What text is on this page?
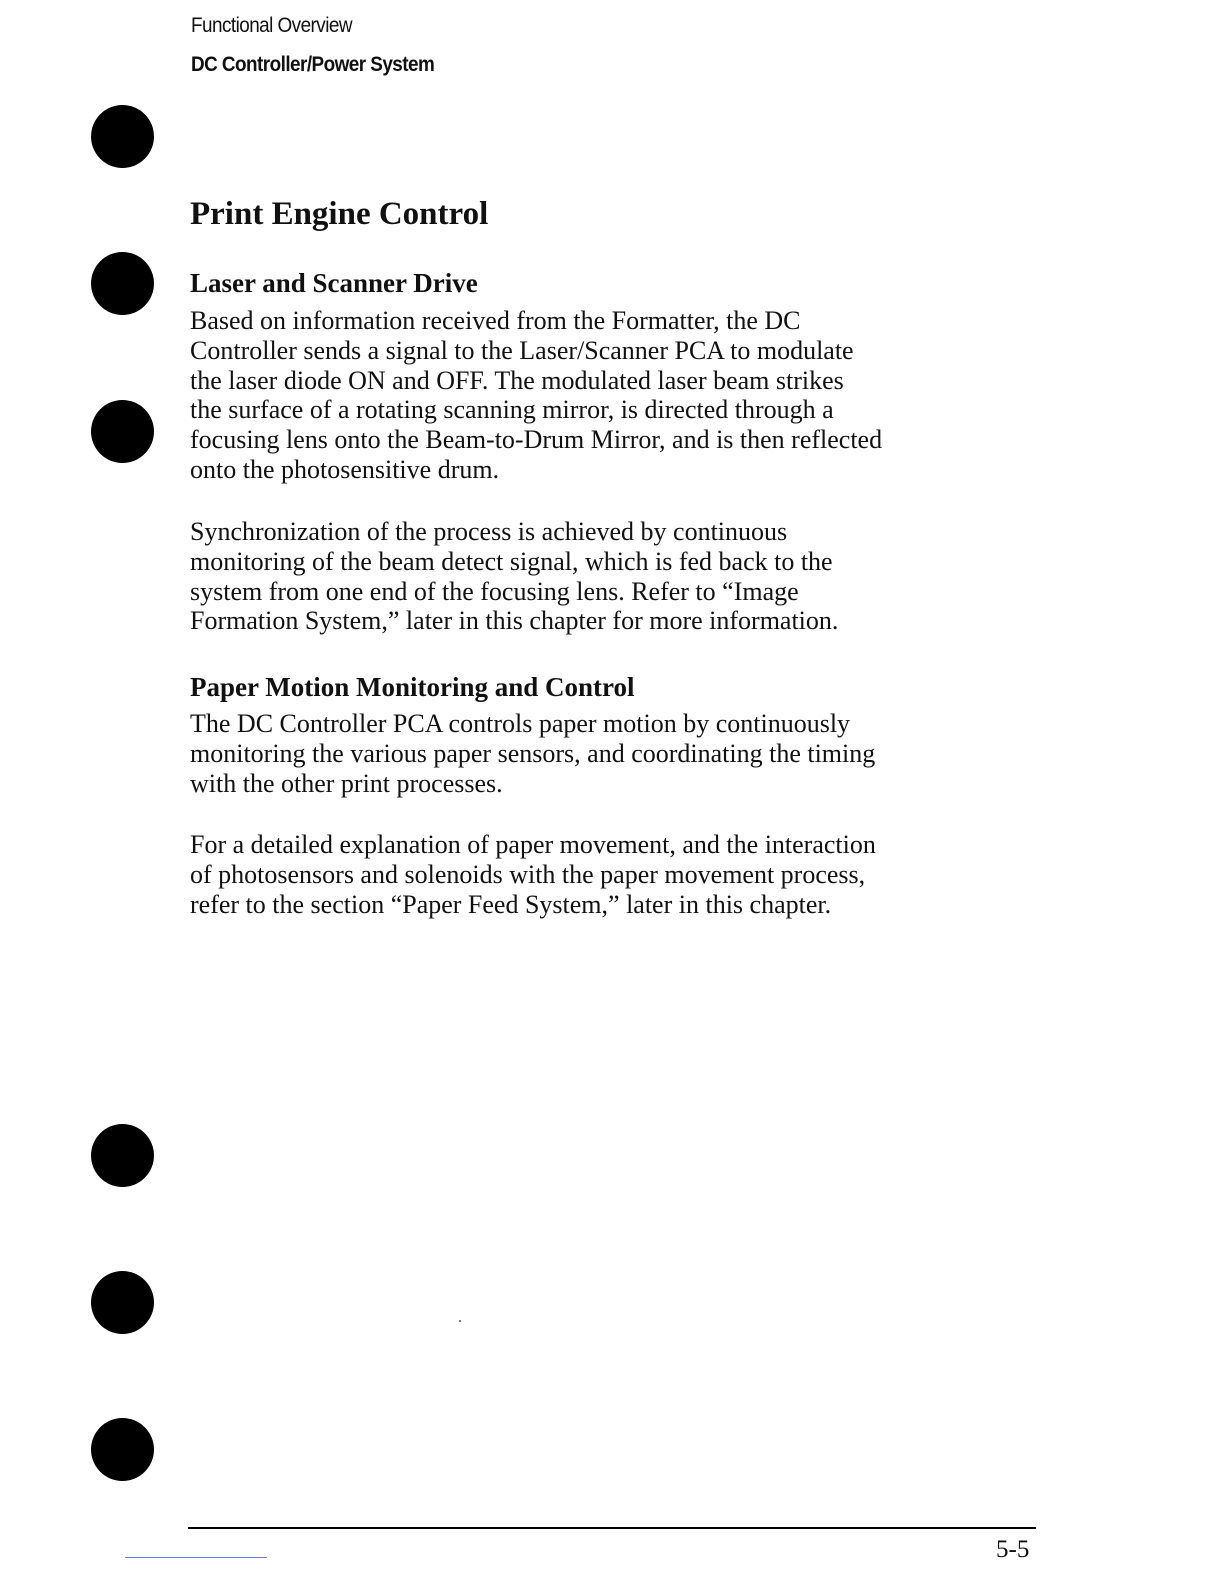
Functional Overview
DC Controller/Power System
Print Engine Control
Laser and Scanner Drive

Based on information received from the Formatter, the DC
Controller sends a signal to the Laser/Scanner PCA to modulate
the laser diode ON and OFF. The modulated laser beam strikes
the surface of a rotating scanning mirror, is directed through a
focusing lens onto the Beam-to-Drum Mirror, and is then reflected
onto the photosensitive drum.

Synchronization of the process is achieved by continuous
monitoring of the beam detect signal, which is fed back to the
system from one end of the focusing lens. Refer to “Image
Formation System,” later in this chapter for more information.

Paper Motion Monitoring and Control

The DC Controller PCA controls paper motion by continuously
monitoring the various paper sensors, and coordinating the timing
with the other print processes.

For a detailed explanation of paper movement, and the interaction
of photosensors and solenoids with the paper movement process,
refer to the section “Paper Feed System,” later in this chapter.

5-5
